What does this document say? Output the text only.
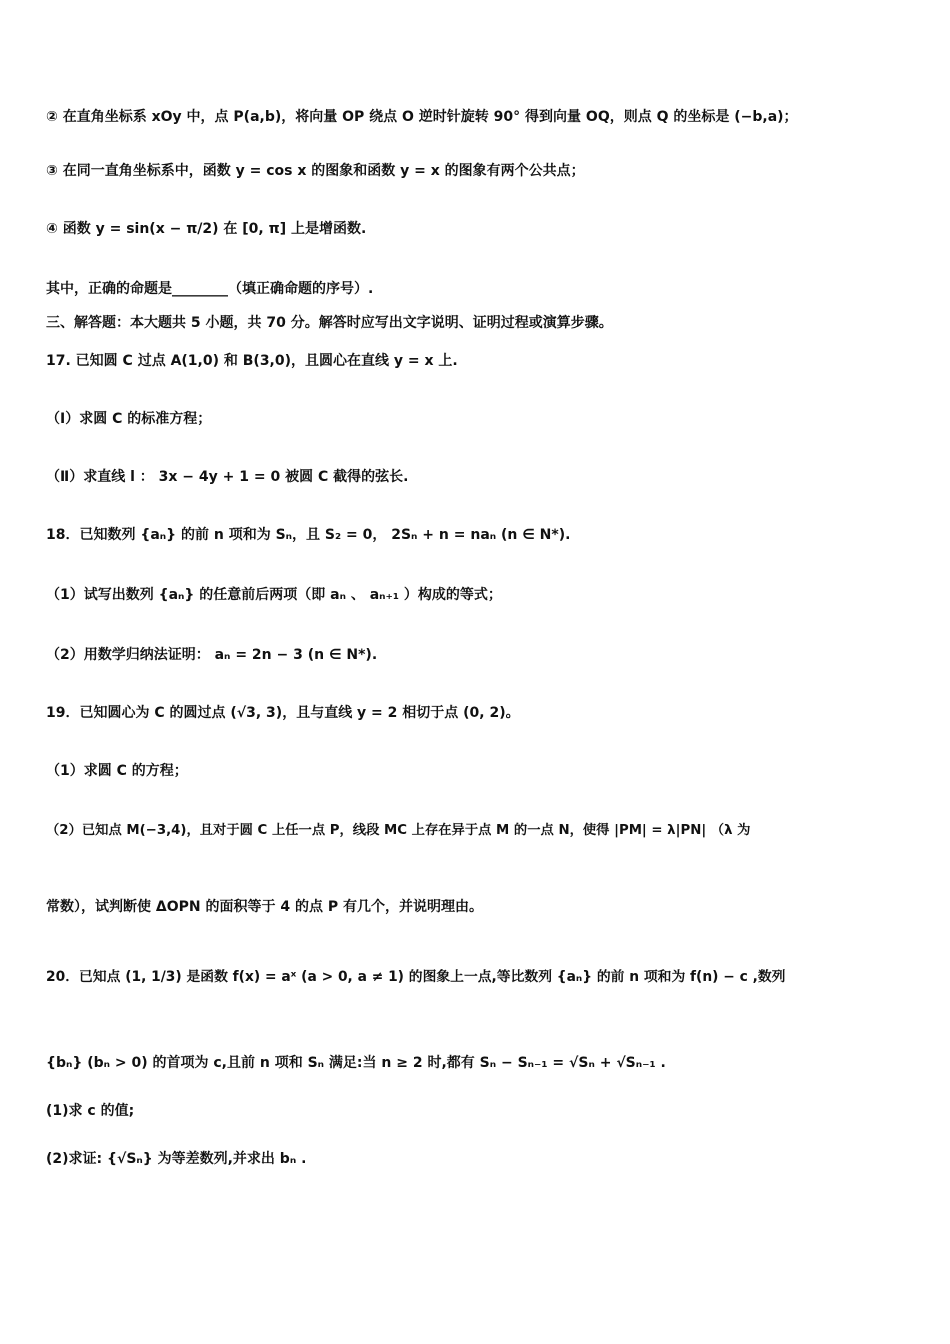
② 在直角坐标系 xOy 中，点 P(a,b)，将向量 OP 绕点 O 逆时针旋转 90° 得到向量 OQ，则点 Q 的坐标是 (−b,a)；
③ 在同一直角坐标系中，函数 y = cos x 的图象和函数 y = x 的图象有两个公共点；
④ 函数 y = sin(x − π/2) 在 [0, π] 上是增函数.
其中，正确的命题是________（填正确命题的序号）.
三、解答题：本大题共 5 小题，共 70 分。解答时应写出文字说明、证明过程或演算步骤。
17. 已知圆 C 过点 A(1,0) 和 B(3,0)，且圆心在直线 y = x 上.
（Ⅰ）求圆 C 的标准方程；
（Ⅱ）求直线 l ： 3x − 4y + 1 = 0 被圆 C 截得的弦长.
18．已知数列 {aₙ} 的前 n 项和为 Sₙ，且 S₂ = 0， 2Sₙ + n = naₙ (n ∈ N*).
（1）试写出数列 {aₙ} 的任意前后两项（即 aₙ 、 aₙ₊₁ ）构成的等式；
（2）用数学归纳法证明： aₙ = 2n − 3 (n ∈ N*).
19．已知圆心为 C 的圆过点 (√3, 3)，且与直线 y = 2 相切于点 (0, 2)。
（1）求圆 C 的方程；
（2）已知点 M(−3,4)，且对于圆 C 上任一点 P，线段 MC 上存在异于点 M 的一点 N，使得 |PM| = λ|PN| （λ 为
常数），试判断使 ΔOPN 的面积等于 4 的点 P 有几个，并说明理由。
20．已知点 (1, 1/3) 是函数 f(x) = aˣ (a > 0, a ≠ 1) 的图象上一点,等比数列 {aₙ} 的前 n 项和为 f(n) − c ,数列
{bₙ} (bₙ > 0) 的首项为 c,且前 n 项和 Sₙ 满足:当 n ≥ 2 时,都有 Sₙ − Sₙ₋₁ = √Sₙ + √Sₙ₋₁ .
(1)求 c 的值;
(2)求证: {√Sₙ} 为等差数列,并求出 bₙ .
